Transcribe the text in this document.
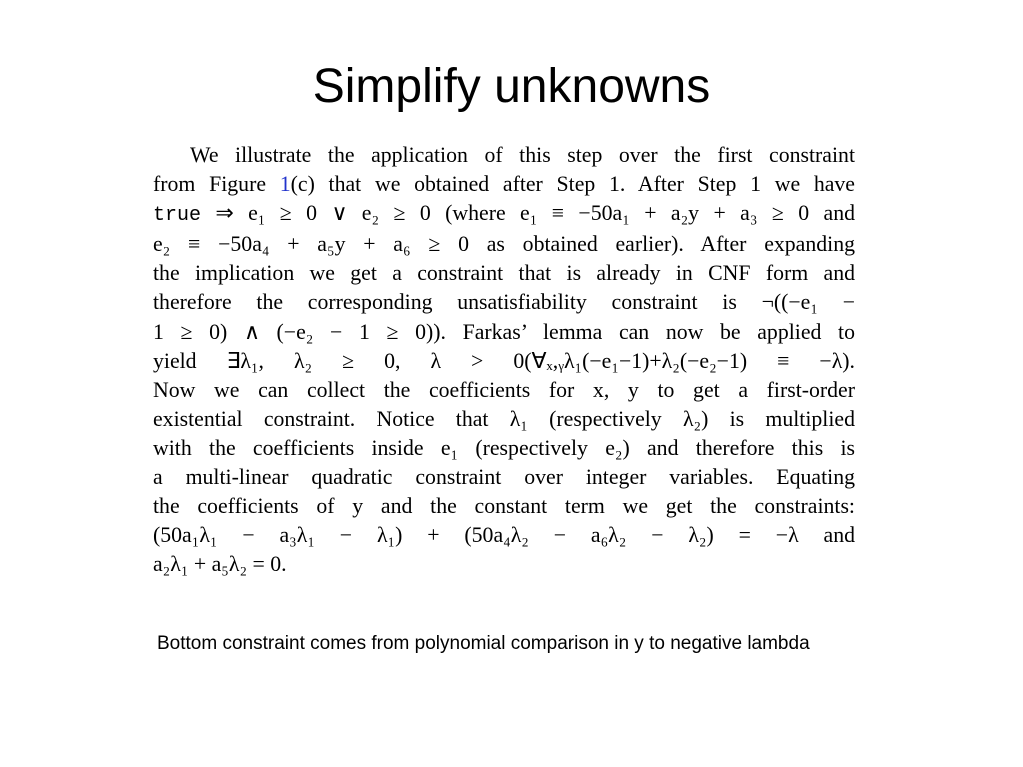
Simplify unknowns
We illustrate the application of this step over the first constraint
from Figure 1(c) that we obtained after Step 1. After Step 1 we have
true ⇒ e₁ ≥ 0 ∨ e₂ ≥ 0 (where e₁ ≡ −50a₁ + a₂y + a₃ ≥ 0 and
e₂ ≡ −50a₄ + a₅y + a₆ ≥ 0 as obtained earlier). After expanding
the implication we get a constraint that is already in CNF form and
therefore the corresponding unsatisfiability constraint is ¬((−e₁ −
1 ≥ 0) ∧ (−e₂ − 1 ≥ 0)). Farkas’ lemma can now be applied to
yield ∃λ₁, λ₂ ≥ 0, λ > 0(∀ₓ,ᵧλ₁(−e₁−1)+λ₂(−e₂−1) ≡ −λ).
Now we can collect the coefficients for x, y to get a first-order
existential constraint. Notice that λ₁ (respectively λ₂) is multiplied
with the coefficients inside e₁ (respectively e₂) and therefore this is
a multi-linear quadratic constraint over integer variables. Equating
the coefficients of y and the constant term we get the constraints:
(50a₁λ₁ − a₃λ₁ − λ₁) + (50a₄λ₂ − a₆λ₂ − λ₂) = −λ and
a₂λ₁ + a₅λ₂ = 0.

Bottom constraint comes from polynomial comparison in y to negative lambda
